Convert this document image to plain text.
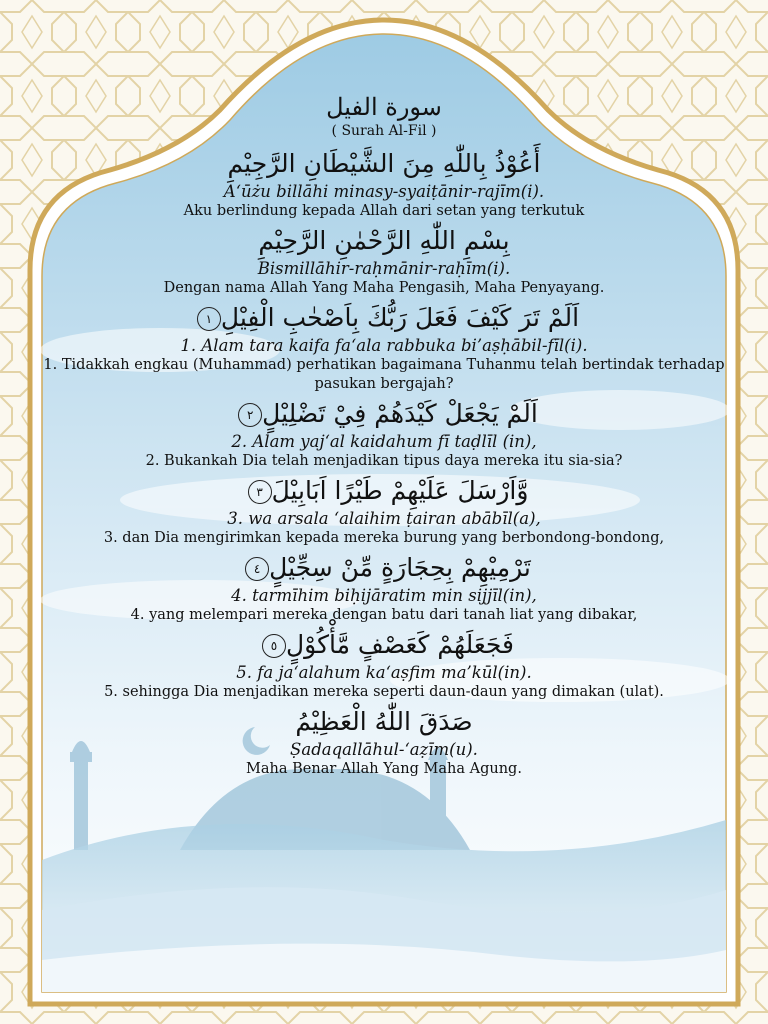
سورة الفيل
( Surah Al-Fil )
أَعُوْذُ بِاللّٰهِ مِنَ الشَّيْطَانِ الرَّجِيْمِ
A‘ūżu billāhi minasy-syaiṭānir-rajīm(i).
Aku berlindung kepada Allah dari setan yang terkutuk
بِسْمِ اللّٰهِ الرَّحْمٰنِ الرَّحِيْمِ
Bismillāhir-raḥmānir-raḥīm(i).
Dengan nama Allah Yang Maha Pengasih, Maha Penyayang.
اَلَمْ تَرَ كَيْفَ فَعَلَ رَبُّكَ بِاَصْحٰبِ الْفِيْلِ١
1. Alam tara kaifa fa‘ala rabbuka bi’aṣḥābil-fīl(i).
1. Tidakkah engkau (Muhammad) perhatikan bagaimana Tuhanmu telah bertindak terhadap pasukan bergajah?
اَلَمْ يَجْعَلْ كَيْدَهُمْ فِيْ تَضْلِيْلٍ٢
2. Alam yaj‘al kaidahum fī taḍlīl (in),
2. Bukankah Dia telah menjadikan tipus daya mereka itu sia-sia?
وَّاَرْسَلَ عَلَيْهِمْ طَيْرًا اَبَابِيْلَ٣
3. wa arsala ‘alaihim ṭairan abābīl(a),
3. dan Dia mengirimkan kepada mereka burung yang berbondong-bondong,
تَرْمِيْهِمْ بِحِجَارَةٍ مِّنْ سِجِّيْلٍ٤
4. tarmīhim biḥijāratim min sijjīl(in),
4. yang melempari mereka dengan batu dari tanah liat yang dibakar,
فَجَعَلَهُمْ كَعَصْفٍ مَّأْكُوْلٍ٥
5. fa ja‘alahum ka‘aṣfim ma’kūl(in).
5. sehingga Dia menjadikan mereka seperti daun-daun yang dimakan (ulat).
صَدَقَ اللّٰهُ الْعَظِيْمُ
Ṣadaqallāhul-‘aẓīm(u).
Maha Benar Allah Yang Maha Agung.
